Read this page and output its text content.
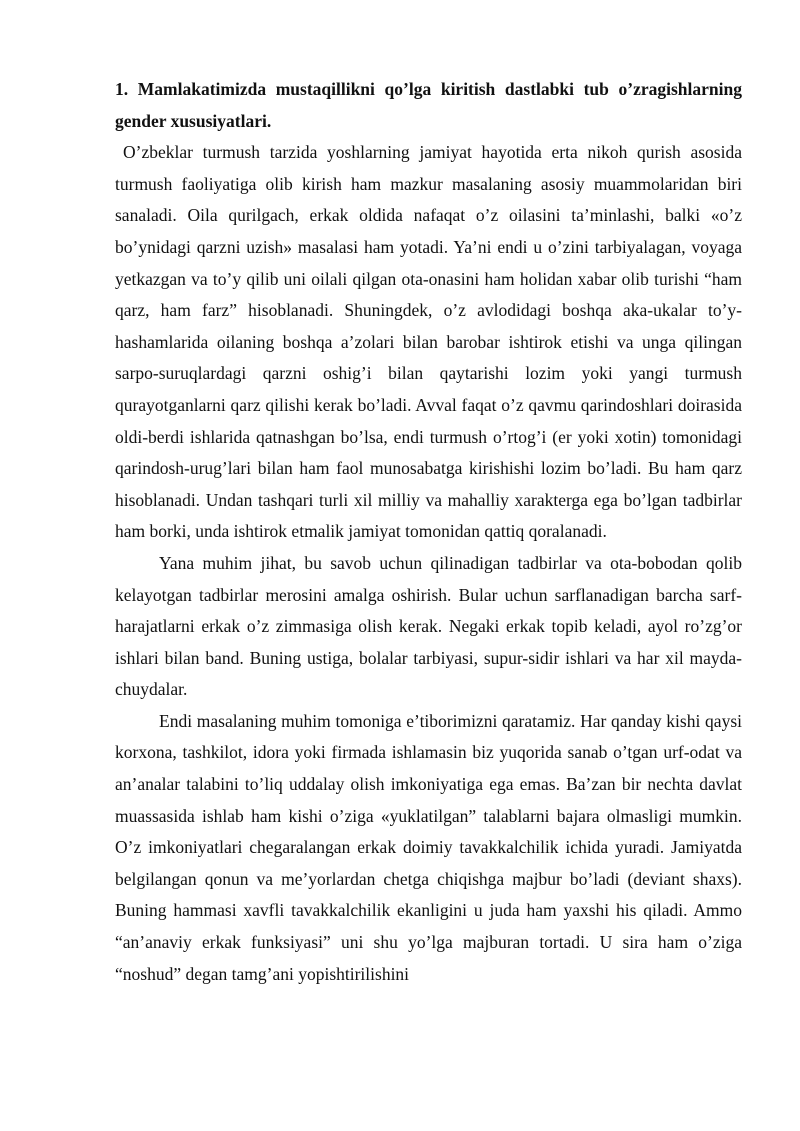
1. Mamlakatimizda mustaqillikni qo’lga kiritish dastlabki tub o’zragishlarning gender xususiyatlari.

O’zbeklar turmush tarzida yoshlarning jamiyat hayotida erta nikoh qurish asosida turmush faoliyatiga olib kirish ham mazkur masalaning asosiy muammolaridan biri sanaladi. Oila qurilgach, erkak oldida nafaqat o’z oilasini ta’minlashi, balki «o’z bo’ynidagi qarzni uzish» masalasi ham yotadi. Ya’ni endi u o’zini tarbiyalagan, voyaga yetkazgan va to’y qilib uni oilali qilgan ota-onasini ham holidan xabar olib turishi “ham qarz, ham farz” hisoblanadi. Shuningdek, o’z avlodidagi boshqa aka-ukalar to’y-hashamlarida oilaning boshqa a’zolari bilan barobar ishtirok etishi va unga qilingan sarpo-suruqlardagi qarzni oshig’i bilan qaytarishi lozim yoki yangi turmush qurayotganlarni qarz qilishi kerak bo’ladi. Avval faqat o’z qavmu qarindoshlari doirasida oldi-berdi ishlarida qatnashgan bo’lsa, endi turmush o’rtog’i (er yoki xotin) tomonidagi qarindosh-urug’lari bilan ham faol munosabatga kirishishi lozim bo’ladi. Bu ham qarz hisoblanadi. Undan tashqari turli xil milliy va mahalliy xarakterga ega bo’lgan tadbirlar ham borki, unda ishtirok etmalik jamiyat tomonidan qattiq qoralanadi.

Yana muhim jihat, bu savob uchun qilinadigan tadbirlar va ota-bobodan qolib kelayotgan tadbirlar merosini amalga oshirish. Bular uchun sarflanadigan barcha sarf-harajatlarni erkak o’z zimmasiga olish kerak. Negaki erkak topib keladi, ayol ro’zg’or ishlari bilan band. Buning ustiga, bolalar tarbiyasi, supur-sidir ishlari va har xil mayda-chuydalar.

Endi masalaning muhim tomoniga e’tiborimizni qaratamiz. Har qanday kishi qaysi korxona, tashkilot, idora yoki firmada ishlamasin biz yuqorida sanab o’tgan urf-odat va an’analar talabini to’liq uddalay olish imkoniyatiga ega emas. Ba’zan bir nechta davlat muassasida ishlab ham kishi o’ziga «yuklatilgan” talablarni bajara olmasligi mumkin. O’z imkoniyatlari chegaralangan erkak doimiy tavakkalchilik ichida yuradi. Jamiyatda belgilangan qonun va me’yorlardan chetga chiqishga majbur bo’ladi (deviant shaxs). Buning hammasi xavfli tavakkalchilik ekanligini u juda ham yaxshi his qiladi. Ammo “an’anaviy erkak funksiyasi” uni shu yo’lga majburan tortadi. U sira ham o’ziga “noshud” degan tamg’ani yopishtirilishini
